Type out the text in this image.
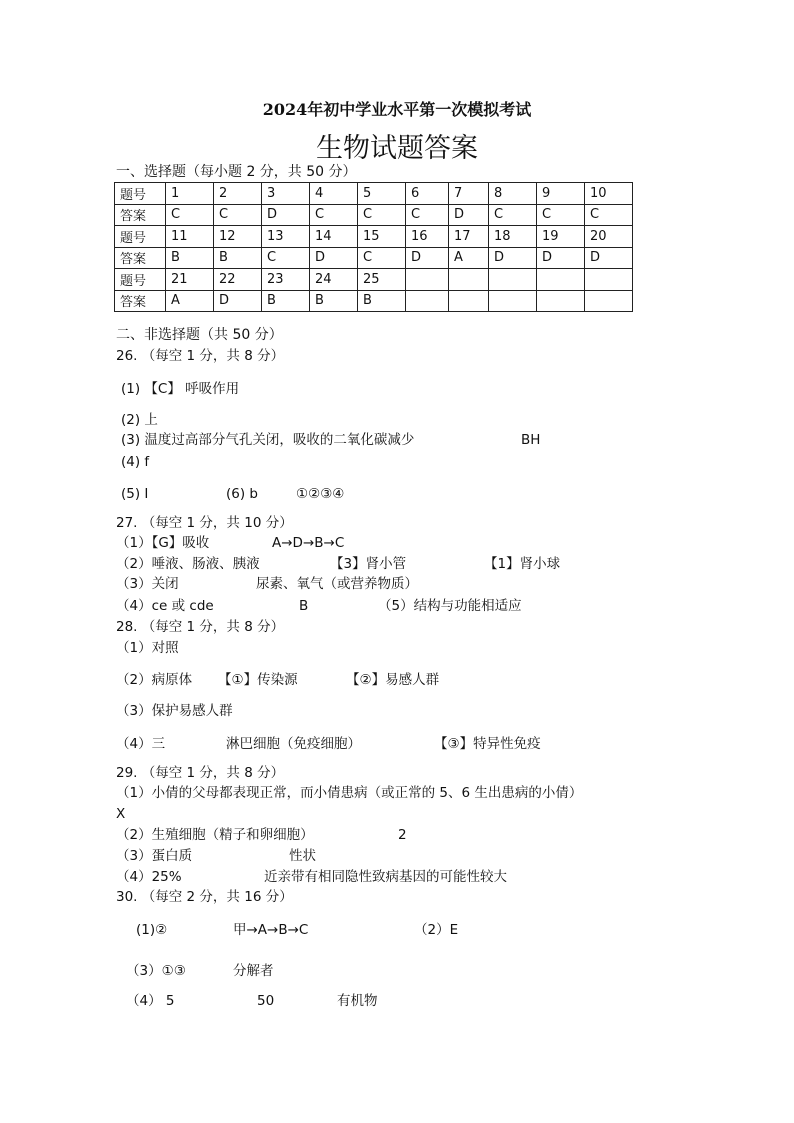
2024年初中学业水平第一次模拟考试
生物试题答案
一、选择题（每小题 2 分，共 50 分）
题号	1	2	3	4	5	6	7	8	9	10
答案	C	C	D	C	C	C	D	C	C	C
题号	11	12	13	14	15	16	17	18	19	20
答案	B	B	C	D	C	D	A	D	D	D
题号	21	22	23	24	25					
答案	A	D	B	B	B					
二、非选择题（共 50 分）
26. （每空 1 分，共 8 分）
(1) 【C】 呼吸作用
(2) 上
(3) 温度过高部分气孔关闭，吸收的二氧化碳减少	BH
(4) f
(5) Ⅰ	(6) b	①②③④
27. （每空 1 分，共 10 分）
（1）【G】吸收	A→D→B→C
（2）唾液、肠液、胰液	【3】肾小管	【1】肾小球
（3）关闭	尿素、氧气（或营养物质）
（4）ce 或 cde	B	（5）结构与功能相适应
28. （每空 1 分，共 8 分）
（1）对照
（2）病原体 【①】传染源	【②】易感人群
（3）保护易感人群
（4）三	淋巴细胞（免疫细胞）	【③】特异性免疫
29. （每空 1 分，共 8 分）
（1）小倩的父母都表现正常，而小倩患病（或正常的 5、6 生出患病的小倩）
X
（2）生殖细胞（精子和卵细胞）	2
（3）蛋白质	性状
（4）25%	近亲带有相同隐性致病基因的可能性较大
30. （每空 2 分，共 16 分）
(1)②	甲→A→B→C	（2）E
（3）①③	分解者
（4） 5	50	有机物
